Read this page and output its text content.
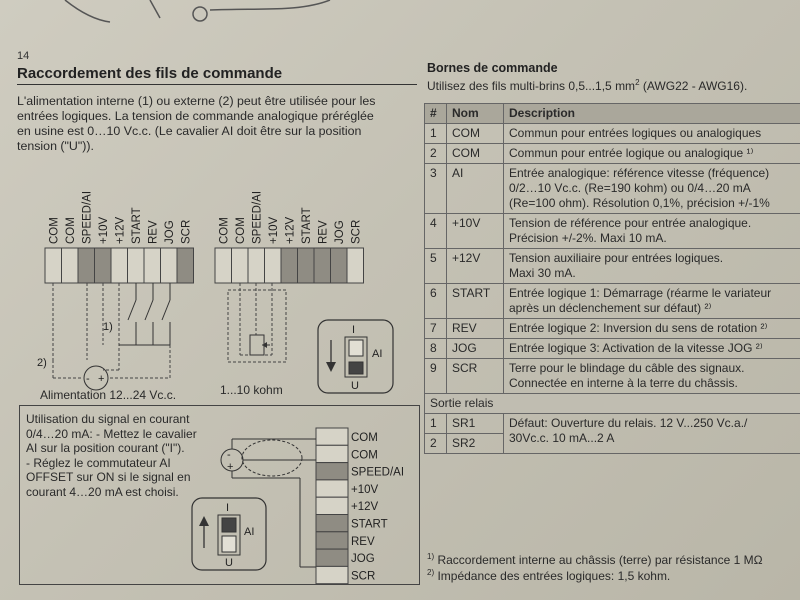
COM COM SPEED/AI +10V +12V START REV JOG SCR
- +
1)
2)
COM COM SPEED/AI +10V +12V START REV JOG SCR
I
AI
U
COM
COM
SPEED/AI
+10V
+12V
START
REV
JOG
SCR
-
+
I
AI
U
14
Raccordement des fils de commande
L'alimentation interne (1) ou externe (2) peut être utilisée pour les
entrées logiques. La tension de commande analogique préréglée
en usine est 0…10 Vc.c. (Le cavalier AI doit être sur la position
tension ("U")).
Alimentation 12...24 Vc.c.	1...10 kohm
Utilisation du signal en courant
0/4…20 mA: - Mettez le cavalier
AI sur la position courant ("I").
- Réglez le commutateur AI
OFFSET sur ON si le signal en
courant 4…20 mA est choisi.
Bornes de commande
Utilisez des fils multi-brins 0,5...1,5 $mm^2$ (AWG22 - AWG16).
#	Nom	Description
1	COM	Commun pour entrées logiques ou analogiques

2	COM	Commun pour entrée logique ou analogique ¹⁾

3	AI	Entrée analogique: référence vitesse (fréquence)
0/2…10 Vc.c. (Re=190 kohm) ou 0/4…20 mA
(Re=100 ohm). Résolution 0,1%, précision +/-1%

4	+10V	Tension de référence pour entrée analogique.
Précision +/-2%. Maxi 10 mA.

5	+12V	Tension auxiliaire pour entrées logiques.
Maxi 30 mA.

6	START	Entrée logique 1: Démarrage (réarme le variateur
après un déclenchement sur défaut) ²⁾

7	REV	Entrée logique 2: Inversion du sens de rotation ²⁾

8	JOG	Entrée logique 3: Activation de la vitesse JOG ²⁾

9	SCR	Terre pour le blindage du câble des signaux.
Connectée en interne à la terre du châssis.

Sortie relais		
1	SR1	Défaut: Ouverture du relais. 12 V...250 Vc.a./
30Vc.c. 10 mA...2 A

2	SR2	
$^{1)}$ Raccordement interne au châssis (terre) par résistance 1 MΩ
$^{2)}$ Impédance des entrées logiques: 1,5 kohm.
